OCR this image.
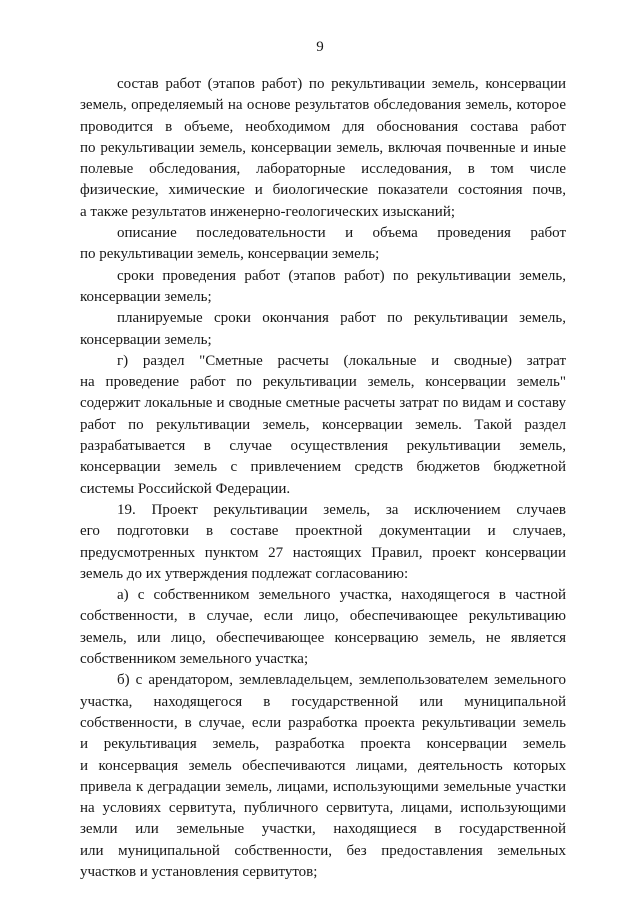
9
состав работ (этапов работ) по рекультивации земель, консервации
земель, определяемый на основе результатов обследования земель, которое
проводится в объеме, необходимом для обоснования состава работ
по рекультивации земель, консервации земель, включая почвенные и иные
полевые обследования, лабораторные исследования, в том числе
физические, химические и биологические показатели состояния почв,
а также результатов инженерно-геологических изысканий;
описание последовательности и объема проведения работ
по рекультивации земель, консервации земель;
сроки проведения работ (этапов работ) по рекультивации земель,
консервации земель;
планируемые сроки окончания работ по рекультивации земель,
консервации земель;
г) раздел "Сметные расчеты (локальные и сводные) затрат
на проведение работ по рекультивации земель, консервации земель"
содержит локальные и сводные сметные расчеты затрат по видам и составу
работ по рекультивации земель, консервации земель. Такой раздел
разрабатывается в случае осуществления рекультивации земель,
консервации земель с привлечением средств бюджетов бюджетной
системы Российской Федерации.
19. Проект рекультивации земель, за исключением случаев
его подготовки в составе проектной документации и случаев,
предусмотренных пунктом 27 настоящих Правил, проект консервации
земель до их утверждения подлежат согласованию:
а) с собственником земельного участка, находящегося в частной
собственности, в случае, если лицо, обеспечивающее рекультивацию
земель, или лицо, обеспечивающее консервацию земель, не является
собственником земельного участка;
б) с арендатором, землевладельцем, землепользователем земельного
участка, находящегося в государственной или муниципальной
собственности, в случае, если разработка проекта рекультивации земель
и рекультивация земель, разработка проекта консервации земель
и консервация земель обеспечиваются лицами, деятельность которых
привела к деградации земель, лицами, использующими земельные участки
на условиях сервитута, публичного сервитута, лицами, использующими
земли или земельные участки, находящиеся в государственной
или муниципальной собственности, без предоставления земельных
участков и установления сервитутов;
